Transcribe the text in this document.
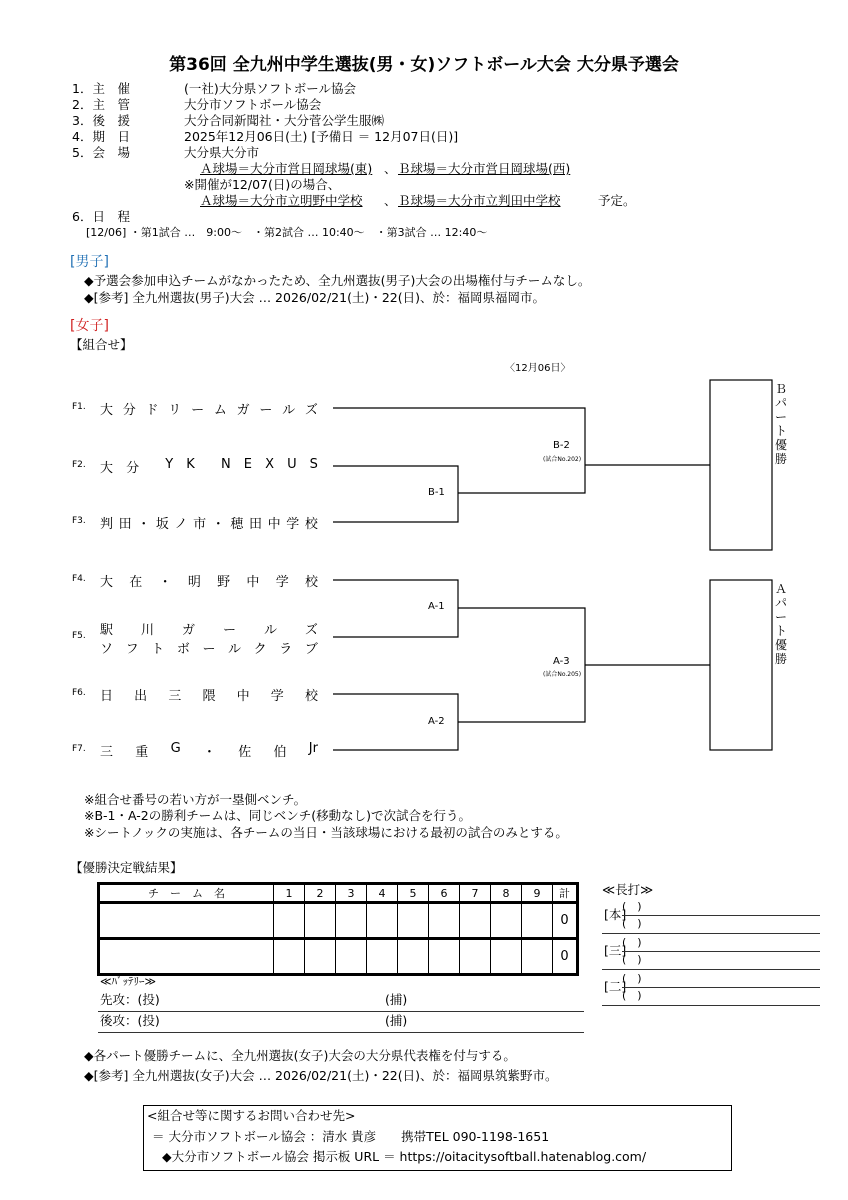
第36回 全九州中学生選抜(男・女)ソフトボール大会 大分県予選会
1．主　催	(一社)大分県ソフトボール協会
2．主　管	大分市ソフトボール協会
3．後　援	大分合同新聞社・大分菅公学生服㈱
4．期　日	2025年12月06日(土) [予備日 ＝ 12月07日(日)]
5．会　場	大分県大分市
Ａ球場＝大分市営日岡球場(東) 、 Ｂ球場＝大分市営日岡球場(西)
※開催が12/07(日)の場合、
Ａ球場＝大分市立明野中学校 、 Ｂ球場＝大分市立判田中学校	予定。
6．日　程
[12/06] ・第1試合 …　9:00～　・第2試合 … 10:40～　・第3試合 … 12:40～
[男子]
◆予選会参加申込チームがなかったため、全九州選抜(男子)大会の出場権付与チームなし。
◆[参考] 全九州選抜(男子)大会 … 2026/02/21(土)・22(日)、於：福岡県福岡市。
[女子]
【組合せ】
〈12月06日〉
F1. 大 分 ド リ ー ム ガ ー ル ズ
F2. 大 分 Y K N E X U S
F3. 判 田 ・ 坂 ノ 市 ・ 穂 田 中 学 校
F4. 大 在 ・ 明 野 中 学 校
F5. 駅 川 ガ ー ル ズ
ソ フ ト ボ ー ル ク ラ ブ
F6. 日 出 三 隈 中 学 校
F7. 三 重 G ・ 佐 伯 Jr
B-1
B-2
(試合No.202)
A-1
A-2
A-3
(試合No.205)
Ｂ
パ
ー
ト
優
勝
Ａ
パ
ー
ト
優
勝
※組合せ番号の若い方が一塁側ベンチ。
※B-1・A-2の勝利チームは、同じベンチ(移動なし)で次試合を行う。
※シートノックの実施は、各チームの当日・当該球場における最初の試合のみとする。
【優勝決定戦結果】
チ　ー　ム　名	1	2	3	4	5	6	7	8	9	計
										0
										0
≪ﾊﾞｯﾃﾘｰ≫
先攻：(投)	(捕)
後攻：(投)	(捕)
≪長打≫
[本]
(　)
(　)
[三]
(　)
(　)
[二]
(　)
(　)
◆各パート優勝チームに、全九州選抜(女子)大会の大分県代表権を付与する。
◆[参考] 全九州選抜(女子)大会 … 2026/02/21(土)・22(日)、於：福岡県筑紫野市。
<組合せ等に関するお問い合わせ先>
＝ 大分市ソフトボール協会 ：清水 貴彦　　携帯TEL 090-1198-1651
◆大分市ソフトボール協会 掲示板 URL ＝ https://oitacitysoftball.hatenablog.com/
